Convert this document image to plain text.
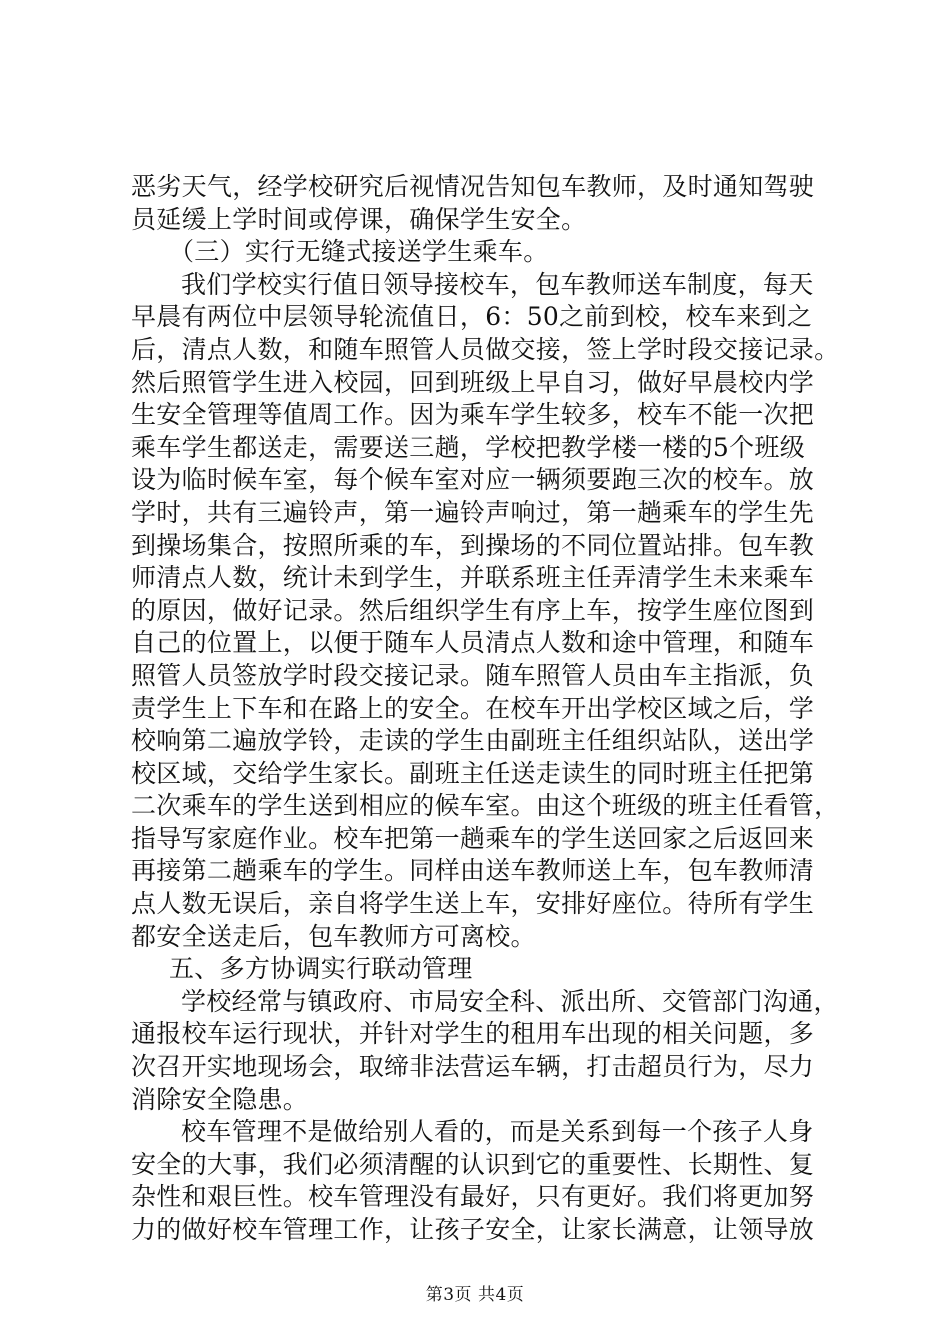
恶劣天气，经学校研究后视情况告知包车教师，及时通知驾驶
员延缓上学时间或停课，确保学生安全。
（三）实行无缝式接送学生乘车。
我们学校实行值日领导接校车，包车教师送车制度，每天
早晨有两位中层领导轮流值日，6：50之前到校，校车来到之
后，清点人数，和随车照管人员做交接，签上学时段交接记录。
然后照管学生进入校园，回到班级上早自习，做好早晨校内学
生安全管理等值周工作。因为乘车学生较多，校车不能一次把
乘车学生都送走，需要送三趟，学校把教学楼一楼的5个班级
设为临时候车室，每个候车室对应一辆须要跑三次的校车。放
学时，共有三遍铃声，第一遍铃声响过，第一趟乘车的学生先
到操场集合，按照所乘的车，到操场的不同位置站排。包车教
师清点人数，统计未到学生，并联系班主任弄清学生未来乘车
的原因，做好记录。然后组织学生有序上车，按学生座位图到
自己的位置上，以便于随车人员清点人数和途中管理，和随车
照管人员签放学时段交接记录。随车照管人员由车主指派，负
责学生上下车和在路上的安全。在校车开出学校区域之后，学
校响第二遍放学铃，走读的学生由副班主任组织站队，送出学
校区域，交给学生家长。副班主任送走读生的同时班主任把第
二次乘车的学生送到相应的候车室。由这个班级的班主任看管，
指导写家庭作业。校车把第一趟乘车的学生送回家之后返回来
再接第二趟乘车的学生。同样由送车教师送上车，包车教师清
点人数无误后，亲自将学生送上车，安排好座位。待所有学生
都安全送走后，包车教师方可离校。
五、多方协调实行联动管理
学校经常与镇政府、市局安全科、派出所、交管部门沟通，
通报校车运行现状，并针对学生的租用车出现的相关问题，多
次召开实地现场会，取缔非法营运车辆，打击超员行为，尽力
消除安全隐患。
校车管理不是做给别人看的，而是关系到每一个孩子人身
安全的大事，我们必须清醒的认识到它的重要性、长期性、复
杂性和艰巨性。校车管理没有最好，只有更好。我们将更加努
力的做好校车管理工作，让孩子安全，让家长满意，让领导放
第3页 共4页
